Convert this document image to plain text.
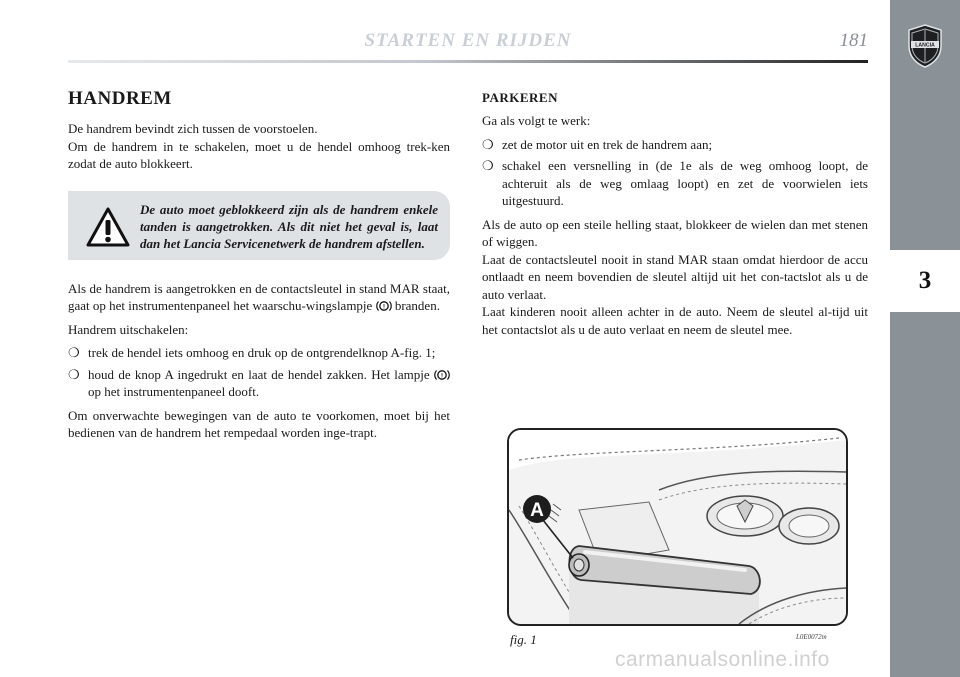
STARTEN EN RIJDEN	181	LANCIA
3
HANDREM

De handrem bevindt zich tussen de voorstoelen.

Om de handrem in te schakelen, moet u de hendel omhoog trek-ken zodat de auto blokkeert.

De auto moet geblokkeerd zijn als de handrem enkele tanden is aangetrokken. Als dit niet het geval is, laat dan het Lancia Servicenetwerk de handrem afstellen.

Als de handrem is aangetrokken en de contactsleutel in stand MAR staat, gaat op het instrumentenpaneel het waarschu-wingslampje ! branden.

Handrem uitschakelen:

❍ trek de hendel iets omhoog en druk op de ontgrendelknop A-fig. 1;
❍ houd de knop A ingedrukt en laat de hendel zakken. Het lampje !
op het instrumentenpaneel dooft.

Om onverwachte bewegingen van de auto te voorkomen, moet bij het bedienen van de handrem het rempedaal worden inge-trapt.

PARKEREN

Ga als volgt te werk:

❍ zet de motor uit en trek de handrem aan;
❍ schakel een versnelling in (de 1e als de weg omhoog loopt, de achteruit als de weg omlaag loopt) en zet de voorwielen iets uitgestuurd.

Als de auto op een steile helling staat, blokkeer de wielen dan met stenen of wiggen.

Laat de contactsleutel nooit in stand MAR staan omdat hierdoor de accu ontlaadt en neem bovendien de sleutel altijd uit het con-tactslot als u de auto verlaat.

Laat kinderen nooit alleen achter in de auto. Neem de sleutel al-tijd uit het contactslot als u de auto verlaat en neem de sleutel mee.

A
fig. 1	L0E0072m
carmanualsonline.info
